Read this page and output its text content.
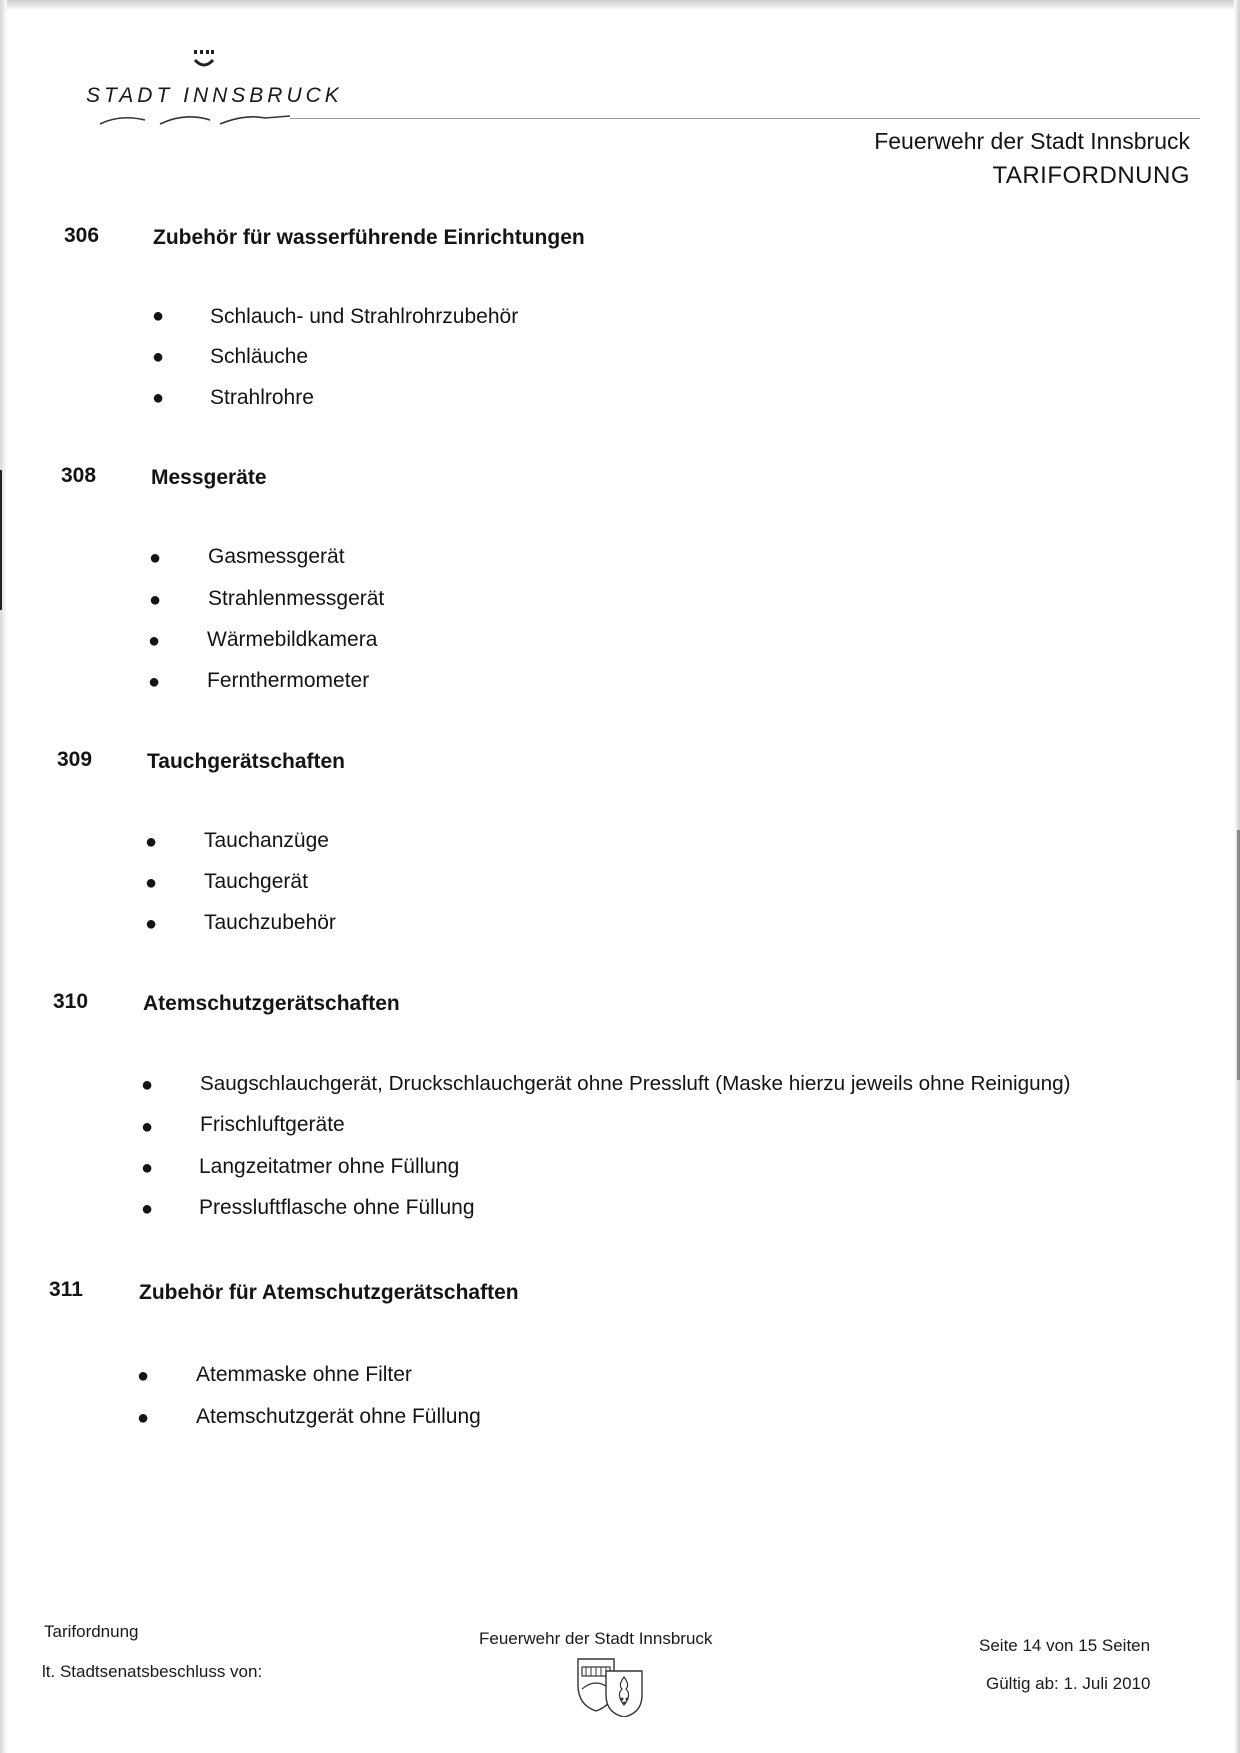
STADT INNSBRUCK
Feuerwehr der Stadt Innsbruck
TARIFORDNUNG
306	Zubehör für wasserführende Einrichtungen
● Schlauch- und Strahlrohrzubehör
● Schläuche
● Strahlrohre
308	Messgeräte
● Gasmessgerät
● Strahlenmessgerät
● Wärmebildkamera
● Fernthermometer
309	Tauchgerätschaften
● Tauchanzüge
● Tauchgerät
● Tauchzubehör
310	Atemschutzgerätschaften
● Saugschlauchgerät, Druckschlauchgerät ohne Pressluft (Maske hierzu jeweils ohne Reinigung)
● Frischluftgeräte
● Langzeitatmer ohne Füllung
● Pressluftflasche ohne Füllung
311	Zubehör für Atemschutzgerätschaften
● Atemmaske ohne Filter
● Atemschutzgerät ohne Füllung
Tarifordnung
lt. Stadtsenatsbeschluss von:
Feuerwehr der Stadt Innsbruck	Seite 14 von 15 Seiten
Gültig ab: 1. Juli 2010
